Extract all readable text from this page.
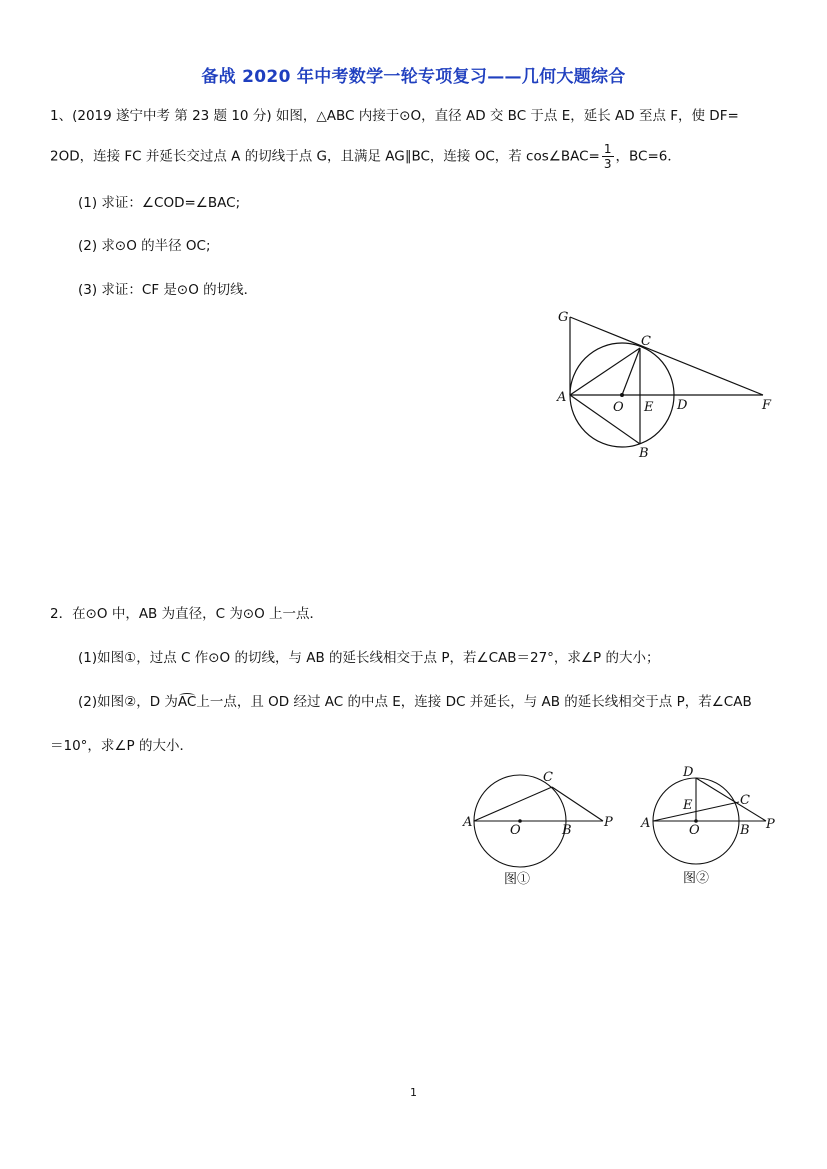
备战 2020 年中考数学一轮专项复习——几何大题综合
1、(2019 遂宁中考 第 23 题 10 分) 如图，△ABC 内接于⊙O，直径 AD 交 BC 于点 E，延长 AD 至点 F，使 DF=
2OD，连接 FC 并延长交过点 A 的切线于点 G，且满足 AG∥BC，连接 OC，若 cos∠BAC= $\frac{1}{3}$ ，BC=6．
(1) 求证：∠COD=∠BAC;
(2) 求⊙O 的半径 OC;
(3) 求证：CF 是⊙O 的切线．
G
C
A
O E D	F
B
2．在⊙O 中，AB 为直径，C 为⊙O 上一点．
(1)如图①，过点 C 作⊙O 的切线，与 AB 的延长线相交于点 P，若∠CAB＝27°，求∠P 的大小；
(2)如图②，D 为AC上一点，且 OD 经过 AC 的中点 E，连接 DC 并延长，与 AB 的延长线相交于点 P，若∠CAB
＝10°，求∠P 的大小．
A
O	B
C
P
图①
A	O	B
C
D
E
P
图②
1
